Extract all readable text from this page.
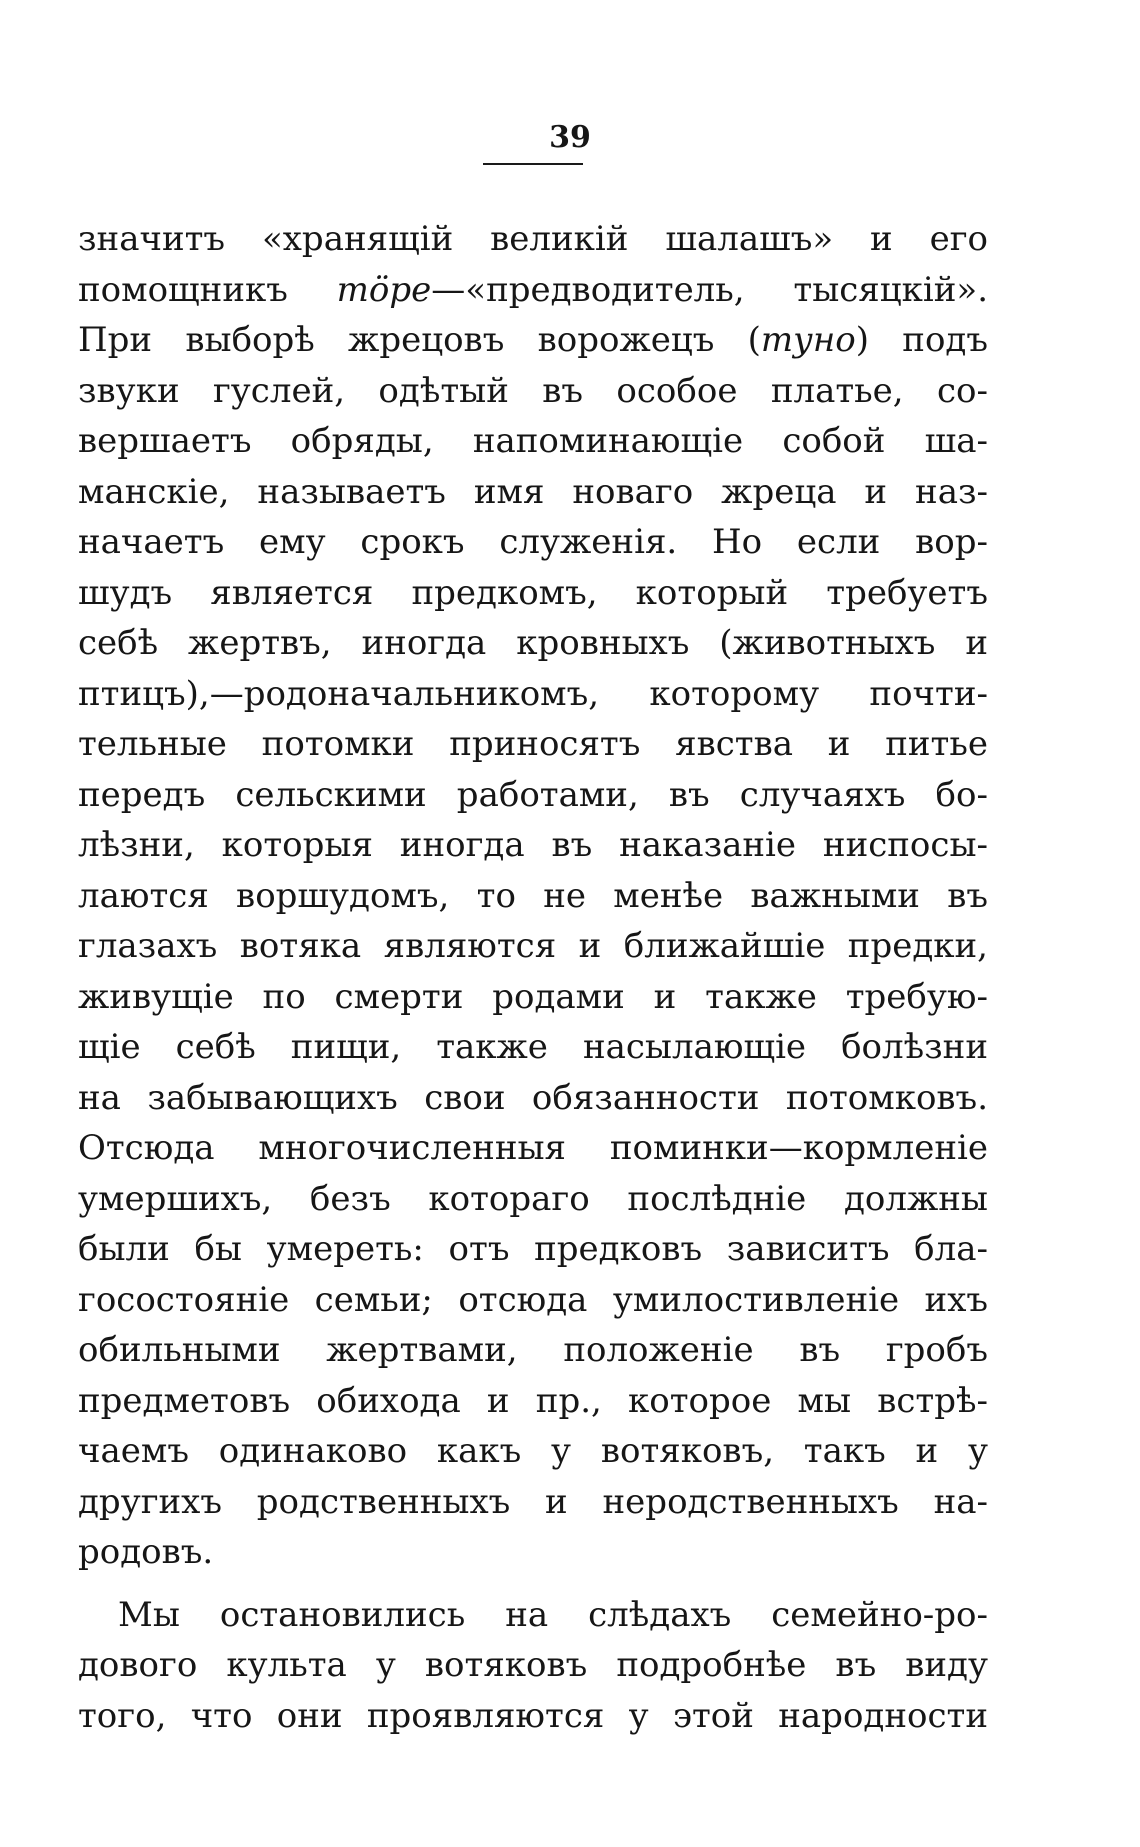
39
значитъ «хранящій великій шалашъ» и его
помощникъ тöре—«предводитель, тысяцкій».
При выборѣ жрецовъ ворожецъ (туно) подъ
звуки гуслей, одѣтый въ особое платье, со-
вершаетъ обряды, напоминающіе собой ша-
манскіе, называетъ имя новаго жреца и наз-
начаетъ ему срокъ служенія. Но если вор-
шудъ является предкомъ, который требуетъ
себѣ жертвъ, иногда кровныхъ (животныхъ и
птицъ),—родоначальникомъ, которому почти-
тельные потомки приносятъ явства и питье
передъ сельскими работами, въ случаяхъ бо-
лѣзни, которыя иногда въ наказаніе ниспосы-
лаются воршудомъ, то не менѣе важными въ
глазахъ вотяка являются и ближайшіе предки,
живущіе по смерти родами и также требую-
щіе себѣ пищи, также насылающіе болѣзни
на забывающихъ свои обязанности потомковъ.
Отсюда многочисленныя поминки—кормленіе
умершихъ, безъ котораго послѣдніе должны
были бы умереть: отъ предковъ зависитъ бла-
госостояніе семьи; отсюда умилостивленіе ихъ
обильными жертвами, положеніе въ гробъ
предметовъ обихода и пр., которое мы встрѣ-
чаемъ одинаково какъ у вотяковъ, такъ и у
другихъ родственныхъ и неродственныхъ на-
родовъ.
Мы остановились на слѣдахъ семейно-ро-
дового культа у вотяковъ подробнѣе въ виду
того, что они проявляются у этой народности
